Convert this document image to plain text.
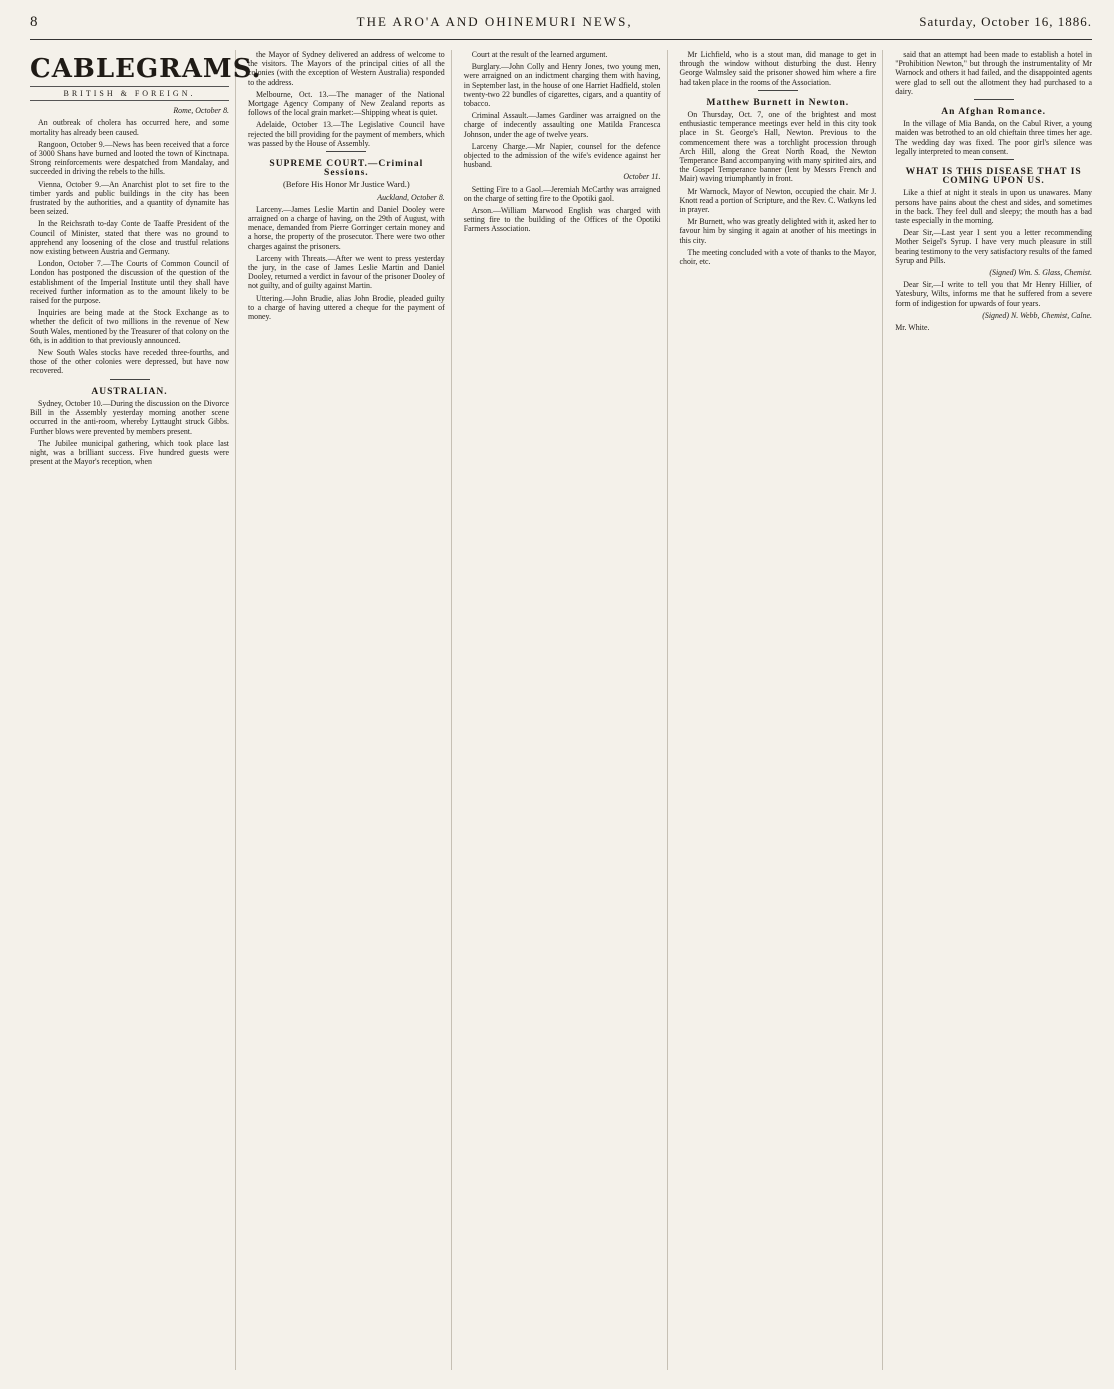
8	THE ARO'A AND OHINEMURI NEWS,	Saturday, October 16, 1886.
CABLEGRAMS.
BRITISH & FOREIGN.
Rome, October 8.

An outbreak of cholera has occurred here, and some mortality has already been caused.

Rangoon, October 9.—News has been received that a force of 3000 Shans have burned and looted the town of Kinctnapa. Strong reinforcements were despatched from Mandalay, and succeeded in driving the rebels to the hills.

Vienna, October 9.—An Anarchist plot to set fire to the timber yards and public buildings in the city has been frustrated by the authorities, and a quantity of dynamite has been seized.

In the Reichsrath to-day Conte de Taaffe President of the Council of Minister, stated that there was no ground to apprehend any loosening of the close and trustful relations now existing between Austria and Germany.

London, October 7.—The Courts of Common Council of London has postponed the discussion of the question of the establishment of the Imperial Institute until they shall have received further information as to the amount likely to be raised for the purpose.

Inquiries are being made at the Stock Exchange as to whether the deficit of two millions in the revenue of New South Wales, mentioned by the Treasurer of that colony on the 6th, is in addition to that previously announced.

New South Wales stocks have receded three-fourths, and those of the other colonies were depressed, but have now recovered.

AUSTRALIAN.

Sydney, October 10.—During the discussion on the Divorce Bill in the Assembly yesterday morning another scene occurred in the anti-room, whereby Lyttaught struck Gibbs. Further blows were prevented by members present.

The Jubilee municipal gathering, which took place last night, was a brilliant success. Five hundred guests were present at the Mayor's reception, when

the Mayor of Sydney delivered an address of welcome to the visitors. The Mayors of the principal cities of all the colonies (with the exception of Western Australia) responded to the address.

Melbourne, Oct. 13.—The manager of the National Mortgage Agency Company of New Zealand reports as follows of the local grain market:—Shipping wheat is quiet.

Adelaide, October 13.—The Legislative Council have rejected the bill providing for the payment of members, which was passed by the House of Assembly.

SUPREME COURT.—Criminal Sessions.
(Before His Honor Mr Justice Ward.)
Auckland, October 8.

Larceny.—James Leslie Martin and Daniel Dooley were arraigned on a charge of having, on the 29th of August, with menace, demanded from Pierre Gorringer certain money and a horse, the property of the prosecutor. There were two other charges against the prisoners.

Larceny with Threats.—After we went to press yesterday the jury, in the case of James Leslie Martin and Daniel Dooley, returned a verdict in favour of the prisoner Dooley of not guilty, and of guilty against Martin.

Uttering.—John Brudie, alias John Brodie, pleaded guilty to a charge of having uttered a cheque for the payment of money.

Court at the result of the learned argument.

Burglary.—John Colly and Henry Jones, two young men, were arraigned on an indictment charging them with having, in September last, in the house of one Harriet Hadfield, stolen twenty-two 22 bundles of cigarettes, cigars, and a quantity of tobacco.

Criminal Assault.—James Gardiner was arraigned on the charge of indecently assaulting one Matilda Francesca Johnson, under the age of twelve years.

Larceny Charge.—Mr Napier, counsel for the defence objected to the admission of the wife's evidence against her husband.

October 11.

Setting Fire to a Gaol.—Jeremiah McCarthy was arraigned on the charge of setting fire to the Opotiki gaol.

Arson.—William Marwood English was charged with setting fire to the building of the Offices of the Opotiki Farmers Association.

Mr Lichfield, who is a stout man, did manage to get in through the window without disturbing the dust. Henry George Walmsley said the prisoner showed him where a fire had taken place in the rooms of the Association.

Matthew Burnett in Newton.

On Thursday, Oct. 7, one of the brightest and most enthusiastic temperance meetings ever held in this city took place in St. George's Hall, Newton. Previous to the commencement there was a torchlight procession through Arch Hill, along the Great North Road, the Newton Temperance Band accompanying with many spirited airs, and the Gospel Temperance banner (lent by Messrs French and Mair) waving triumphantly in front.

Mr Warnock, Mayor of Newton, occupied the chair. Mr J. Knott read a portion of Scripture, and the Rev. C. Watkyns led in prayer.

Mr Burnett, who was greatly delighted with it, asked her to favour him by singing it again at another of his meetings in this city.

The meeting concluded with a vote of thanks to the Mayor, choir, etc.

said that an attempt had been made to establish a hotel in "Prohibition Newton," but through the instrumentality of Mr Warnock and others it had failed, and the disappointed agents were glad to sell out the allotment they had purchased to a dairy.

An Afghan Romance.

In the village of Mia Banda, on the Cabul River, a young maiden was betrothed to an old chieftain three times her age. The wedding day was fixed. The poor girl's silence was legally interpreted to mean consent.

WHAT IS THIS DISEASE THAT IS COMING UPON US.

Like a thief at night it steals in upon us unawares. Many persons have pains about the chest and sides, and sometimes in the back. They feel dull and sleepy; the mouth has a bad taste especially in the morning.

Dear Sir,—Last year I sent you a letter recommending Mother Seigel's Syrup. I have very much pleasure in still bearing testimony to the very satisfactory results of the famed Syrup and Pills.

(Signed) Wm. S. Glass, Chemist.

Dear Sir,—I write to tell you that Mr Henry Hillier, of Yatesbury, Wilts, informs me that he suffered from a severe form of indigestion for upwards of four years.

(Signed) N. Webb, Chemist, Calne.
Mr. White.
